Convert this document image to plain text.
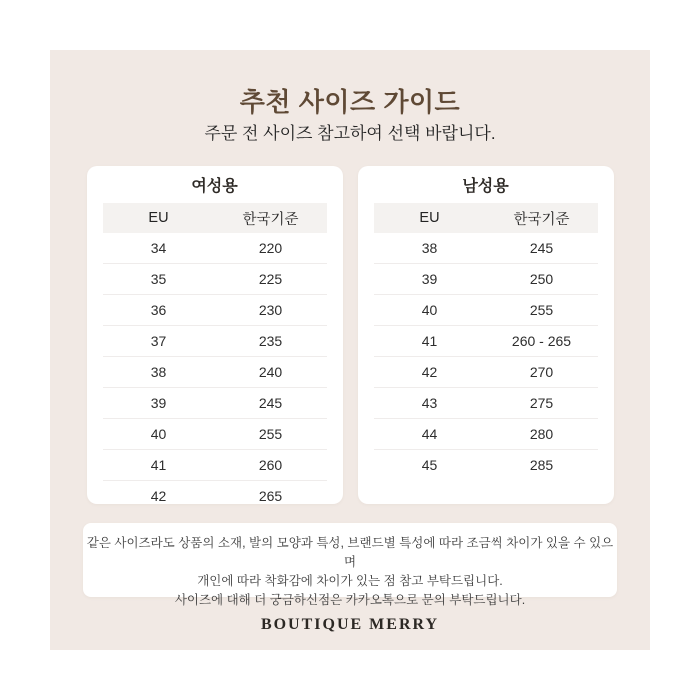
추천 사이즈 가이드

주문 전 사이즈 참고하여 선택 바랍니다.

여성용
EU	한국기준
34	220
35	225
36	230
37	235
38	240
39	245
40	255
41	260
42	265
남성용
EU	한국기준
38	245
39	250
40	255
41	260 - 265
42	270
43	275
44	280
45	285

같은 사이즈라도 상품의 소재, 발의 모양과 특성, 브랜드별 특성에 따라 조금씩 차이가 있을 수 있으며

개인에 따라 착화감에 차이가 있는 점 참고 부탁드립니다.

사이즈에 대해 더 궁금하신점은 카카오톡으로 문의 부탁드립니다.

BOUTIQUE MERRY
